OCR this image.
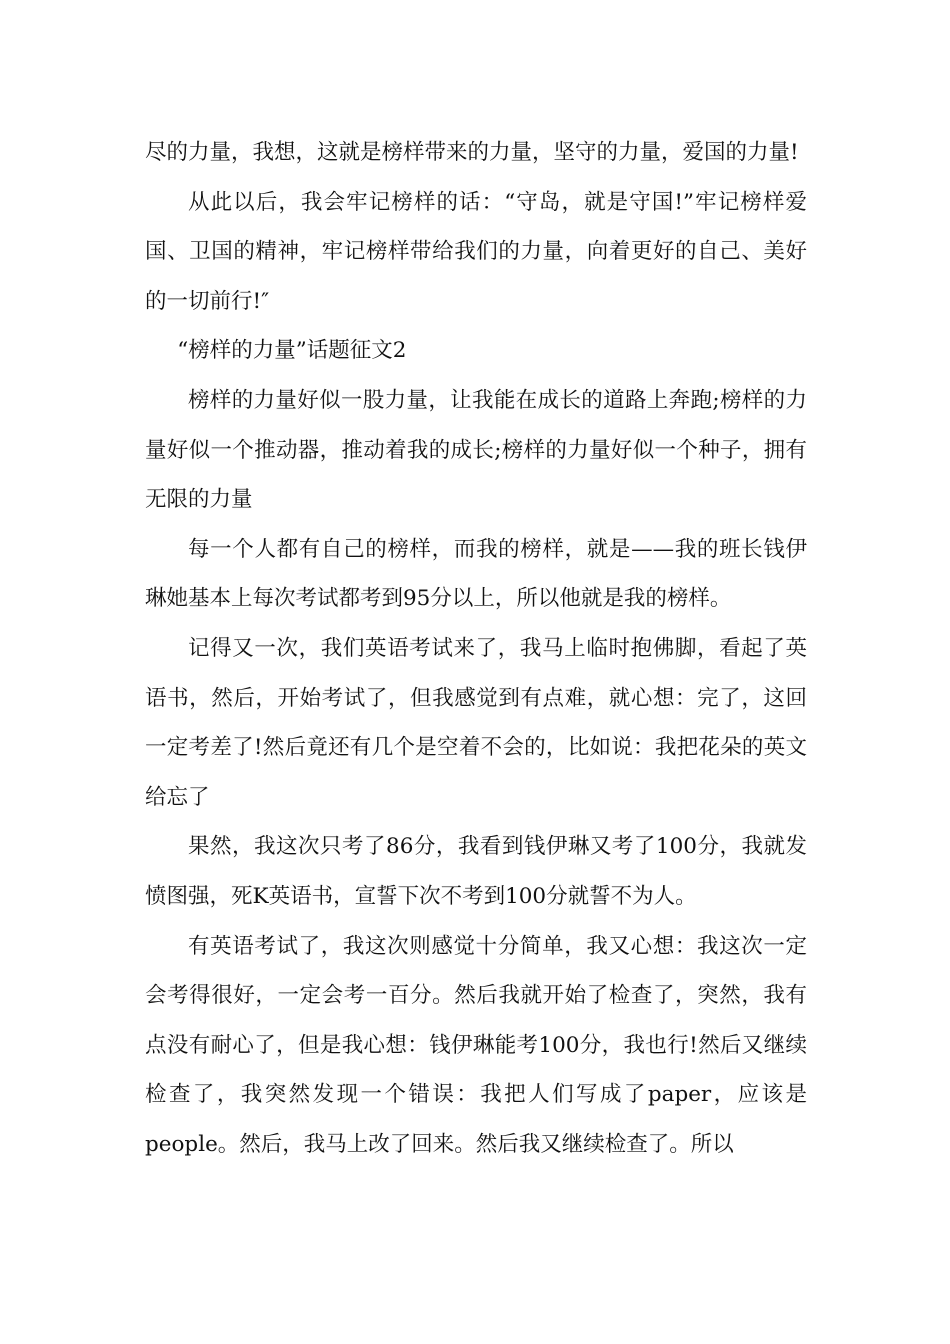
尽的力量，我想，这就是榜样带来的力量，坚守的力量，爱国的力量!

从此以后，我会牢记榜样的话：“守岛，就是守国!”牢记榜样爱国、卫国的精神，牢记榜样带给我们的力量，向着更好的自己、美好的一切前行!″

“榜样的力量”话题征文2

榜样的力量好似一股力量，让我能在成长的道路上奔跑;榜样的力量好似一个推动器，推动着我的成长;榜样的力量好似一个种子，拥有无限的力量

每一个人都有自己的榜样，而我的榜样，就是——我的班长钱伊琳她基本上每次考试都考到95分以上，所以他就是我的榜样。

记得又一次，我们英语考试来了，我马上临时抱佛脚，看起了英语书，然后，开始考试了，但我感觉到有点难，就心想：完了，这回一定考差了!然后竟还有几个是空着不会的，比如说：我把花朵的英文给忘了

果然，我这次只考了86分，我看到钱伊琳又考了100分，我就发愤图强，死K英语书，宣誓下次不考到100分就誓不为人。

有英语考试了，我这次则感觉十分简单，我又心想：我这次一定会考得很好，一定会考一百分。然后我就开始了检查了，突然，我有点没有耐心了，但是我心想：钱伊琳能考100分，我也行!然后又继续检查了，我突然发现一个错误：我把人们写成了paper，应该是people。然后，我马上改了回来。然后我又继续检查了。所以
